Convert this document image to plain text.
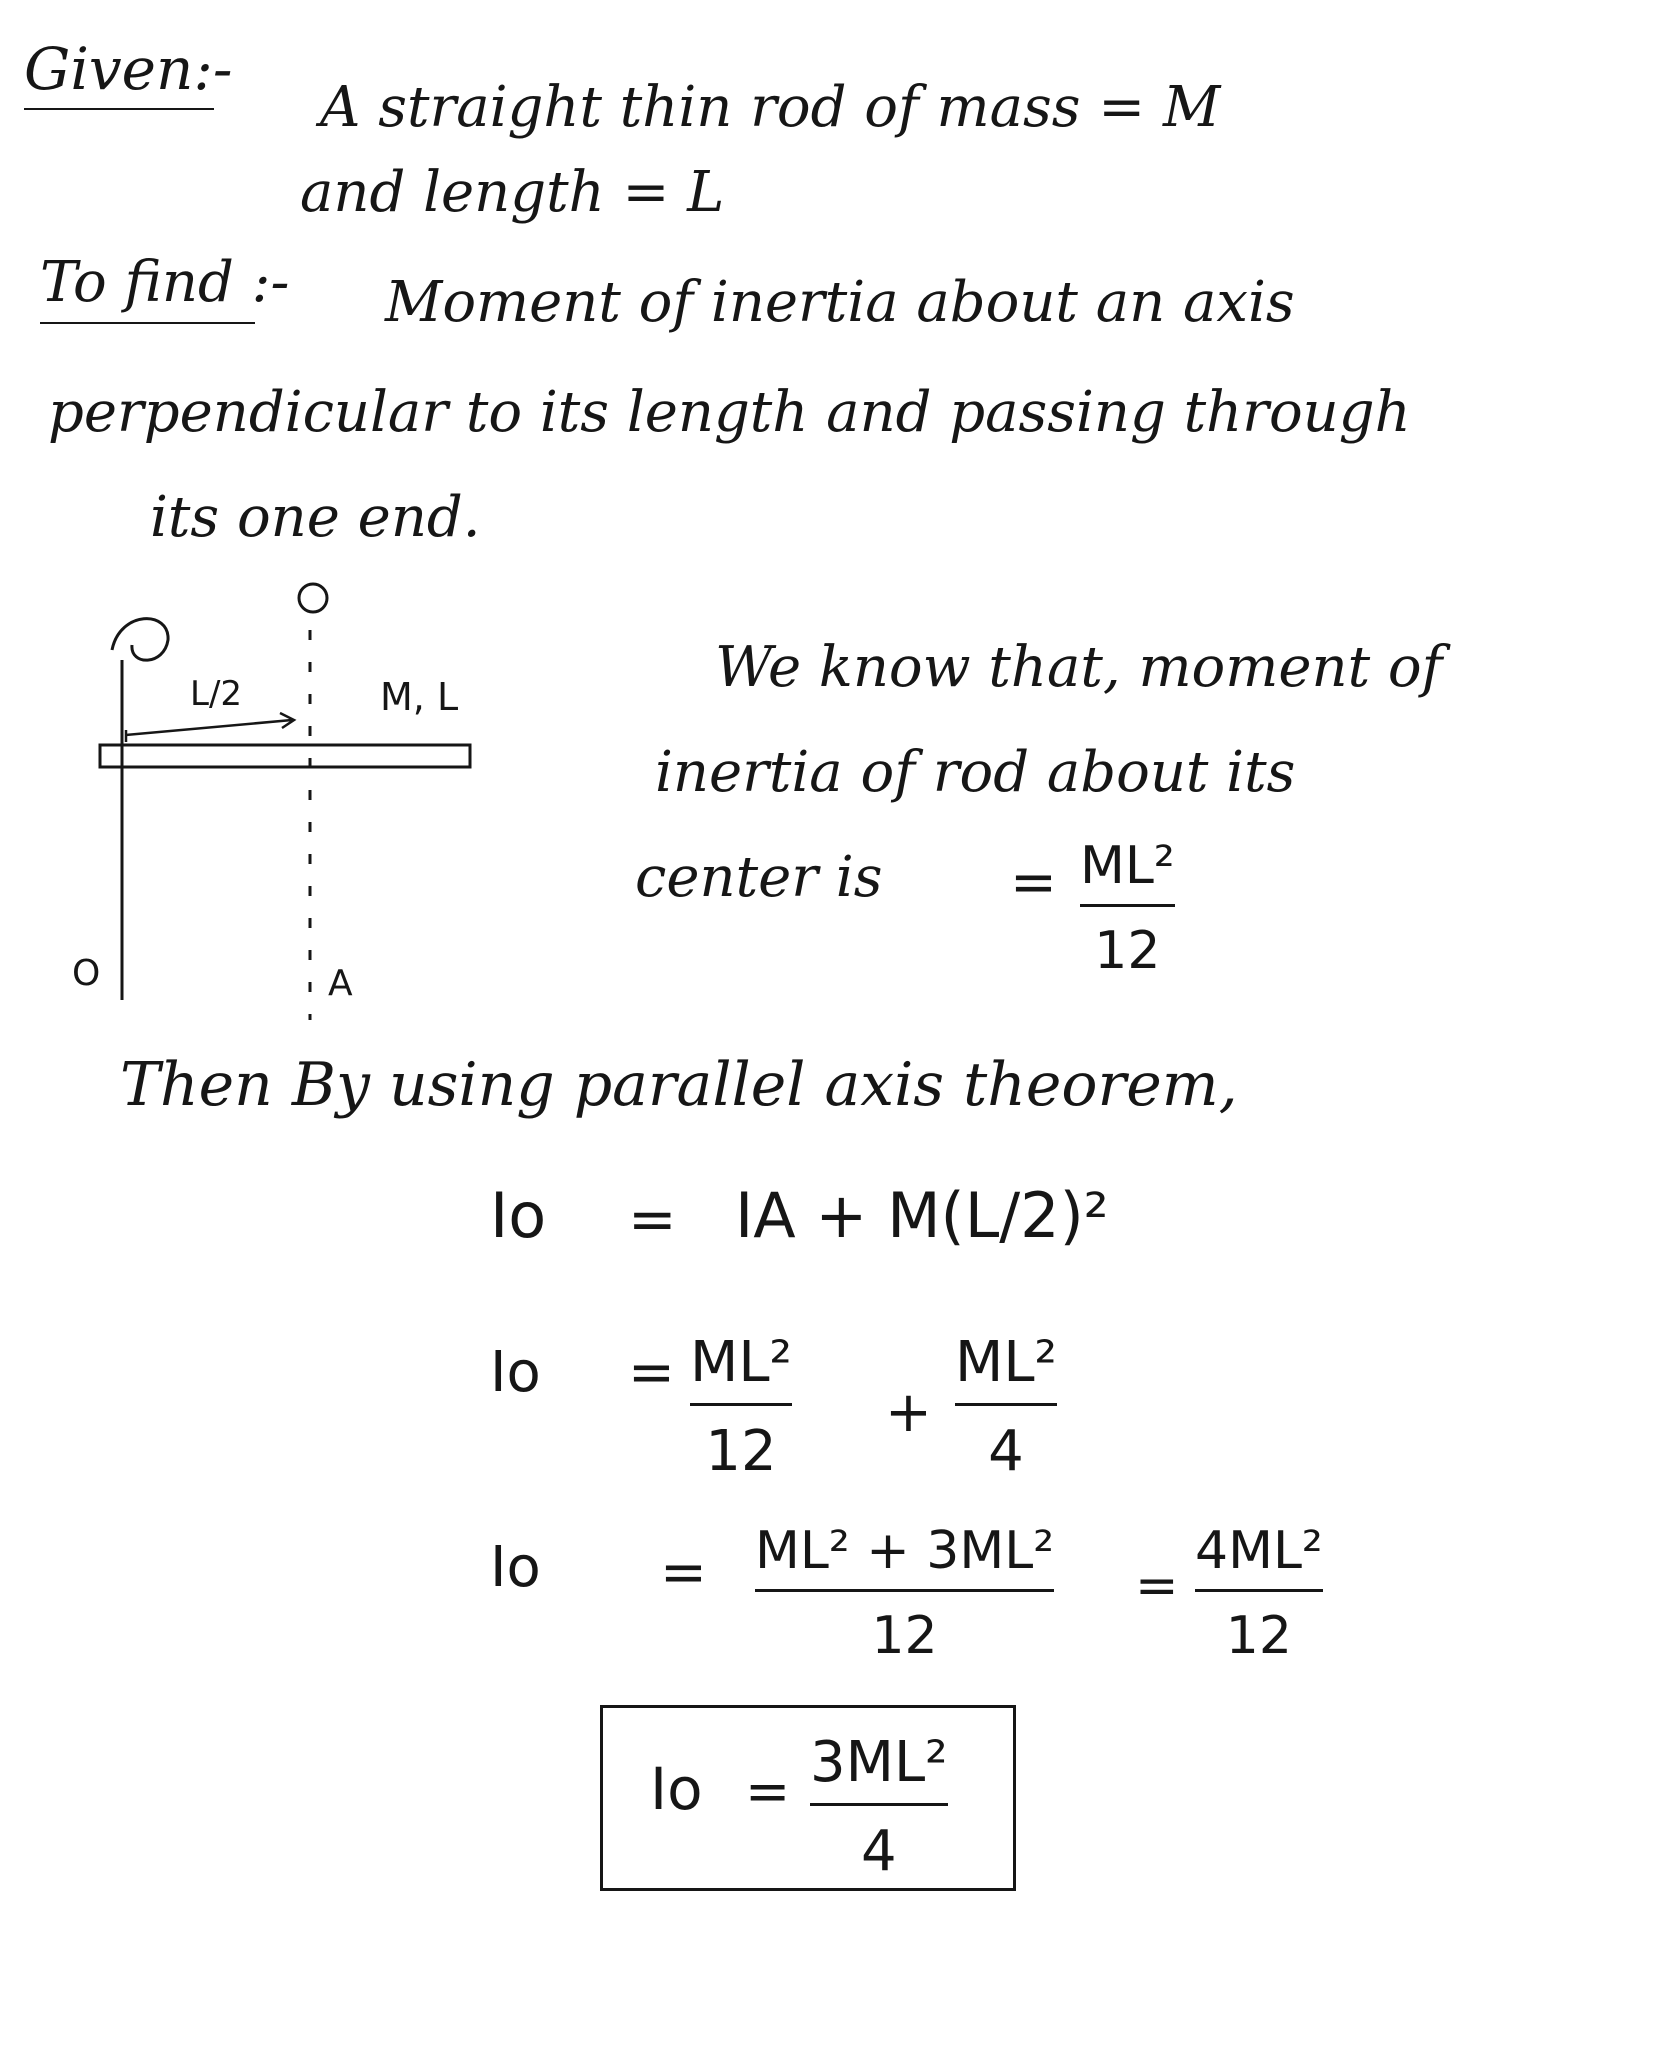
Given:-
A straight thin rod of mass = M
and length = L
To find :- Moment of inertia about an axis
perpendicular to its length and passing through
its one end.
L/2	M, L
O	A
We know that, moment of
inertia of rod about its
center is = ML²
12
Then By using parallel axis theorem,
Io = IA + M(L/2)²
Io = ML²
12
+
ML²
4
Io = ML² + 3ML²
12
=
4ML²
12
Io = 3ML²
4
